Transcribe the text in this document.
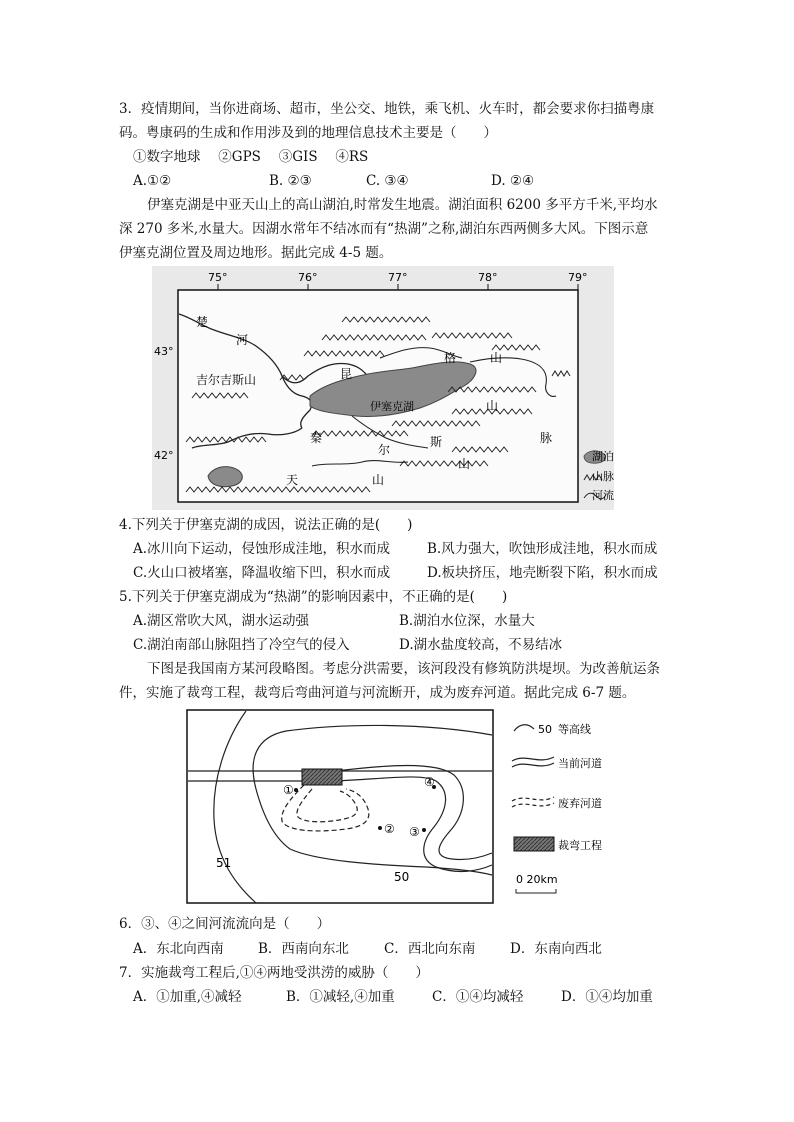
3．疫情期间，当你进商场、超市，坐公交、地铁，乘飞机、火车时，都会要求你扫描粤康
码。粤康码的生成和作用涉及到的地理信息技术主要是（　　）
①数字地球　 ②GPS　 ③GIS　 ④RS
A.①②	B. ②③	C. ③④	D. ②④
伊塞克湖是中亚天山上的高山湖泊,时常发生地震。湖泊面积 6200 多平方千米,平均水
深 270 多米,水量大。因湖水常年不结冰而有“热湖”之称,湖泊东西两侧多大风。下图示意
伊塞克湖位置及周边地形。据此完成 4-5 题。
75°	76°	77°	78°	79°
43°
42°
楚
河
吉尔吉斯山	昆
格	山
伊塞克湖
秦
尔
斯
山
脉
天	山
山
湖泊
山脉
河流
4.下列关于伊塞克湖的成因，说法正确的是(　　)
A.冰川向下运动，侵蚀形成洼地，积水而成	B.风力强大，吹蚀形成洼地，积水而成
C.火山口被堵塞，降温收缩下凹，积水而成	D.板块挤压，地壳断裂下陷，积水而成
5.下列关于伊塞克湖成为“热湖”的影响因素中，不正确的是(　　)
A.湖区常吹大风，湖水运动强	B.湖泊水位深，水量大
C.湖泊南部山脉阻挡了冷空气的侵入	D.湖水盐度较高，不易结冰
下图是我国南方某河段略图。考虑分洪需要，该河段没有修筑防洪堤坝。为改善航运条
件，实施了裁弯工程，裁弯后弯曲河道与河流断开，成为废弃河道。据此完成 6-7 题。
①
② ③
④
51
50
50 等高线
当前河道
废弃河道
裁弯工程
0 20km
6．③、④之间河流流向是（　　）
A．东北向西南	B．西南向东北	C．西北向东南	D．东南向西北
7．实施裁弯工程后,①④两地受洪涝的威胁（　　）
A．①加重,④减轻	B．①减轻,④加重	C．①④均减轻	D．①④均加重
